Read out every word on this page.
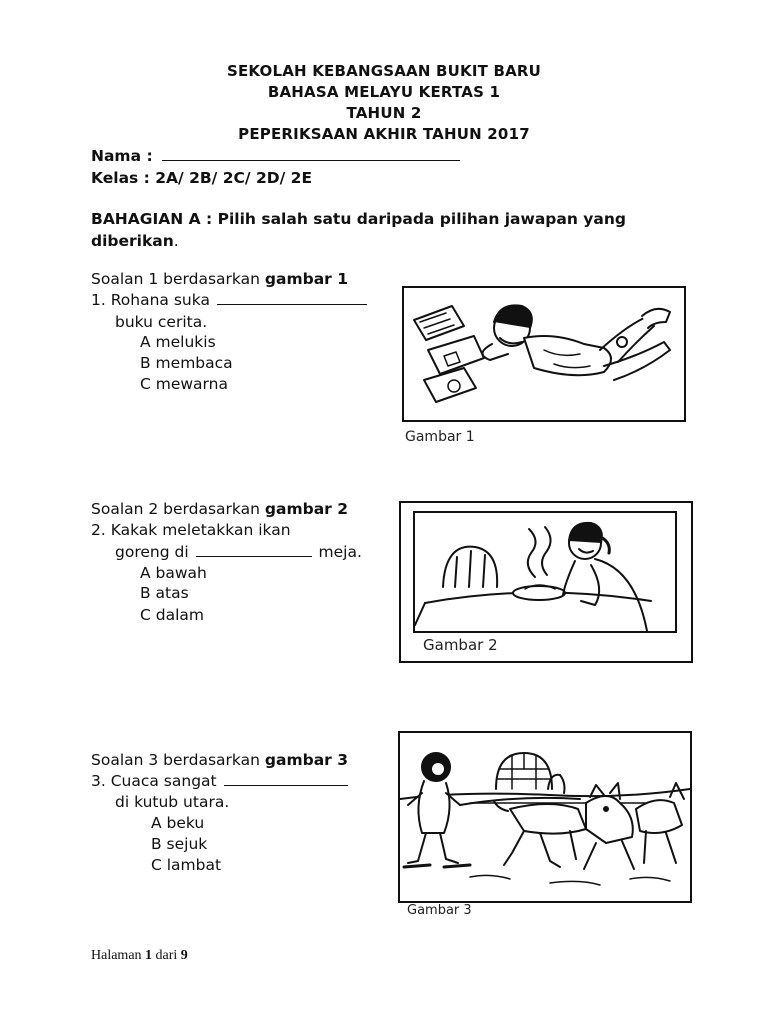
SEKOLAH KEBANGSAAN BUKIT BARU
BAHASA MELAYU KERTAS 1
TAHUN 2
PEPERIKSAAN AKHIR TAHUN 2017
Nama :
Kelas : 2A/ 2B/ 2C/ 2D/ 2E
BAHAGIAN A : Pilih salah satu daripada pilihan jawapan yang
diberikan.
Soalan 1 berdasarkan gambar 1
1. Rohana suka
buku cerita.
A melukis
B membaca
C mewarna
Gambar 1
Soalan 2 berdasarkan gambar 2
2. Kakak meletakkan ikan
goreng di	meja.
A bawah
B atas
C dalam
Gambar 2
Soalan 3 berdasarkan gambar 3
3. Cuaca sangat
di kutub utara.
A beku
B sejuk
C lambat
Gambar 3
Halaman 1 dari 9
